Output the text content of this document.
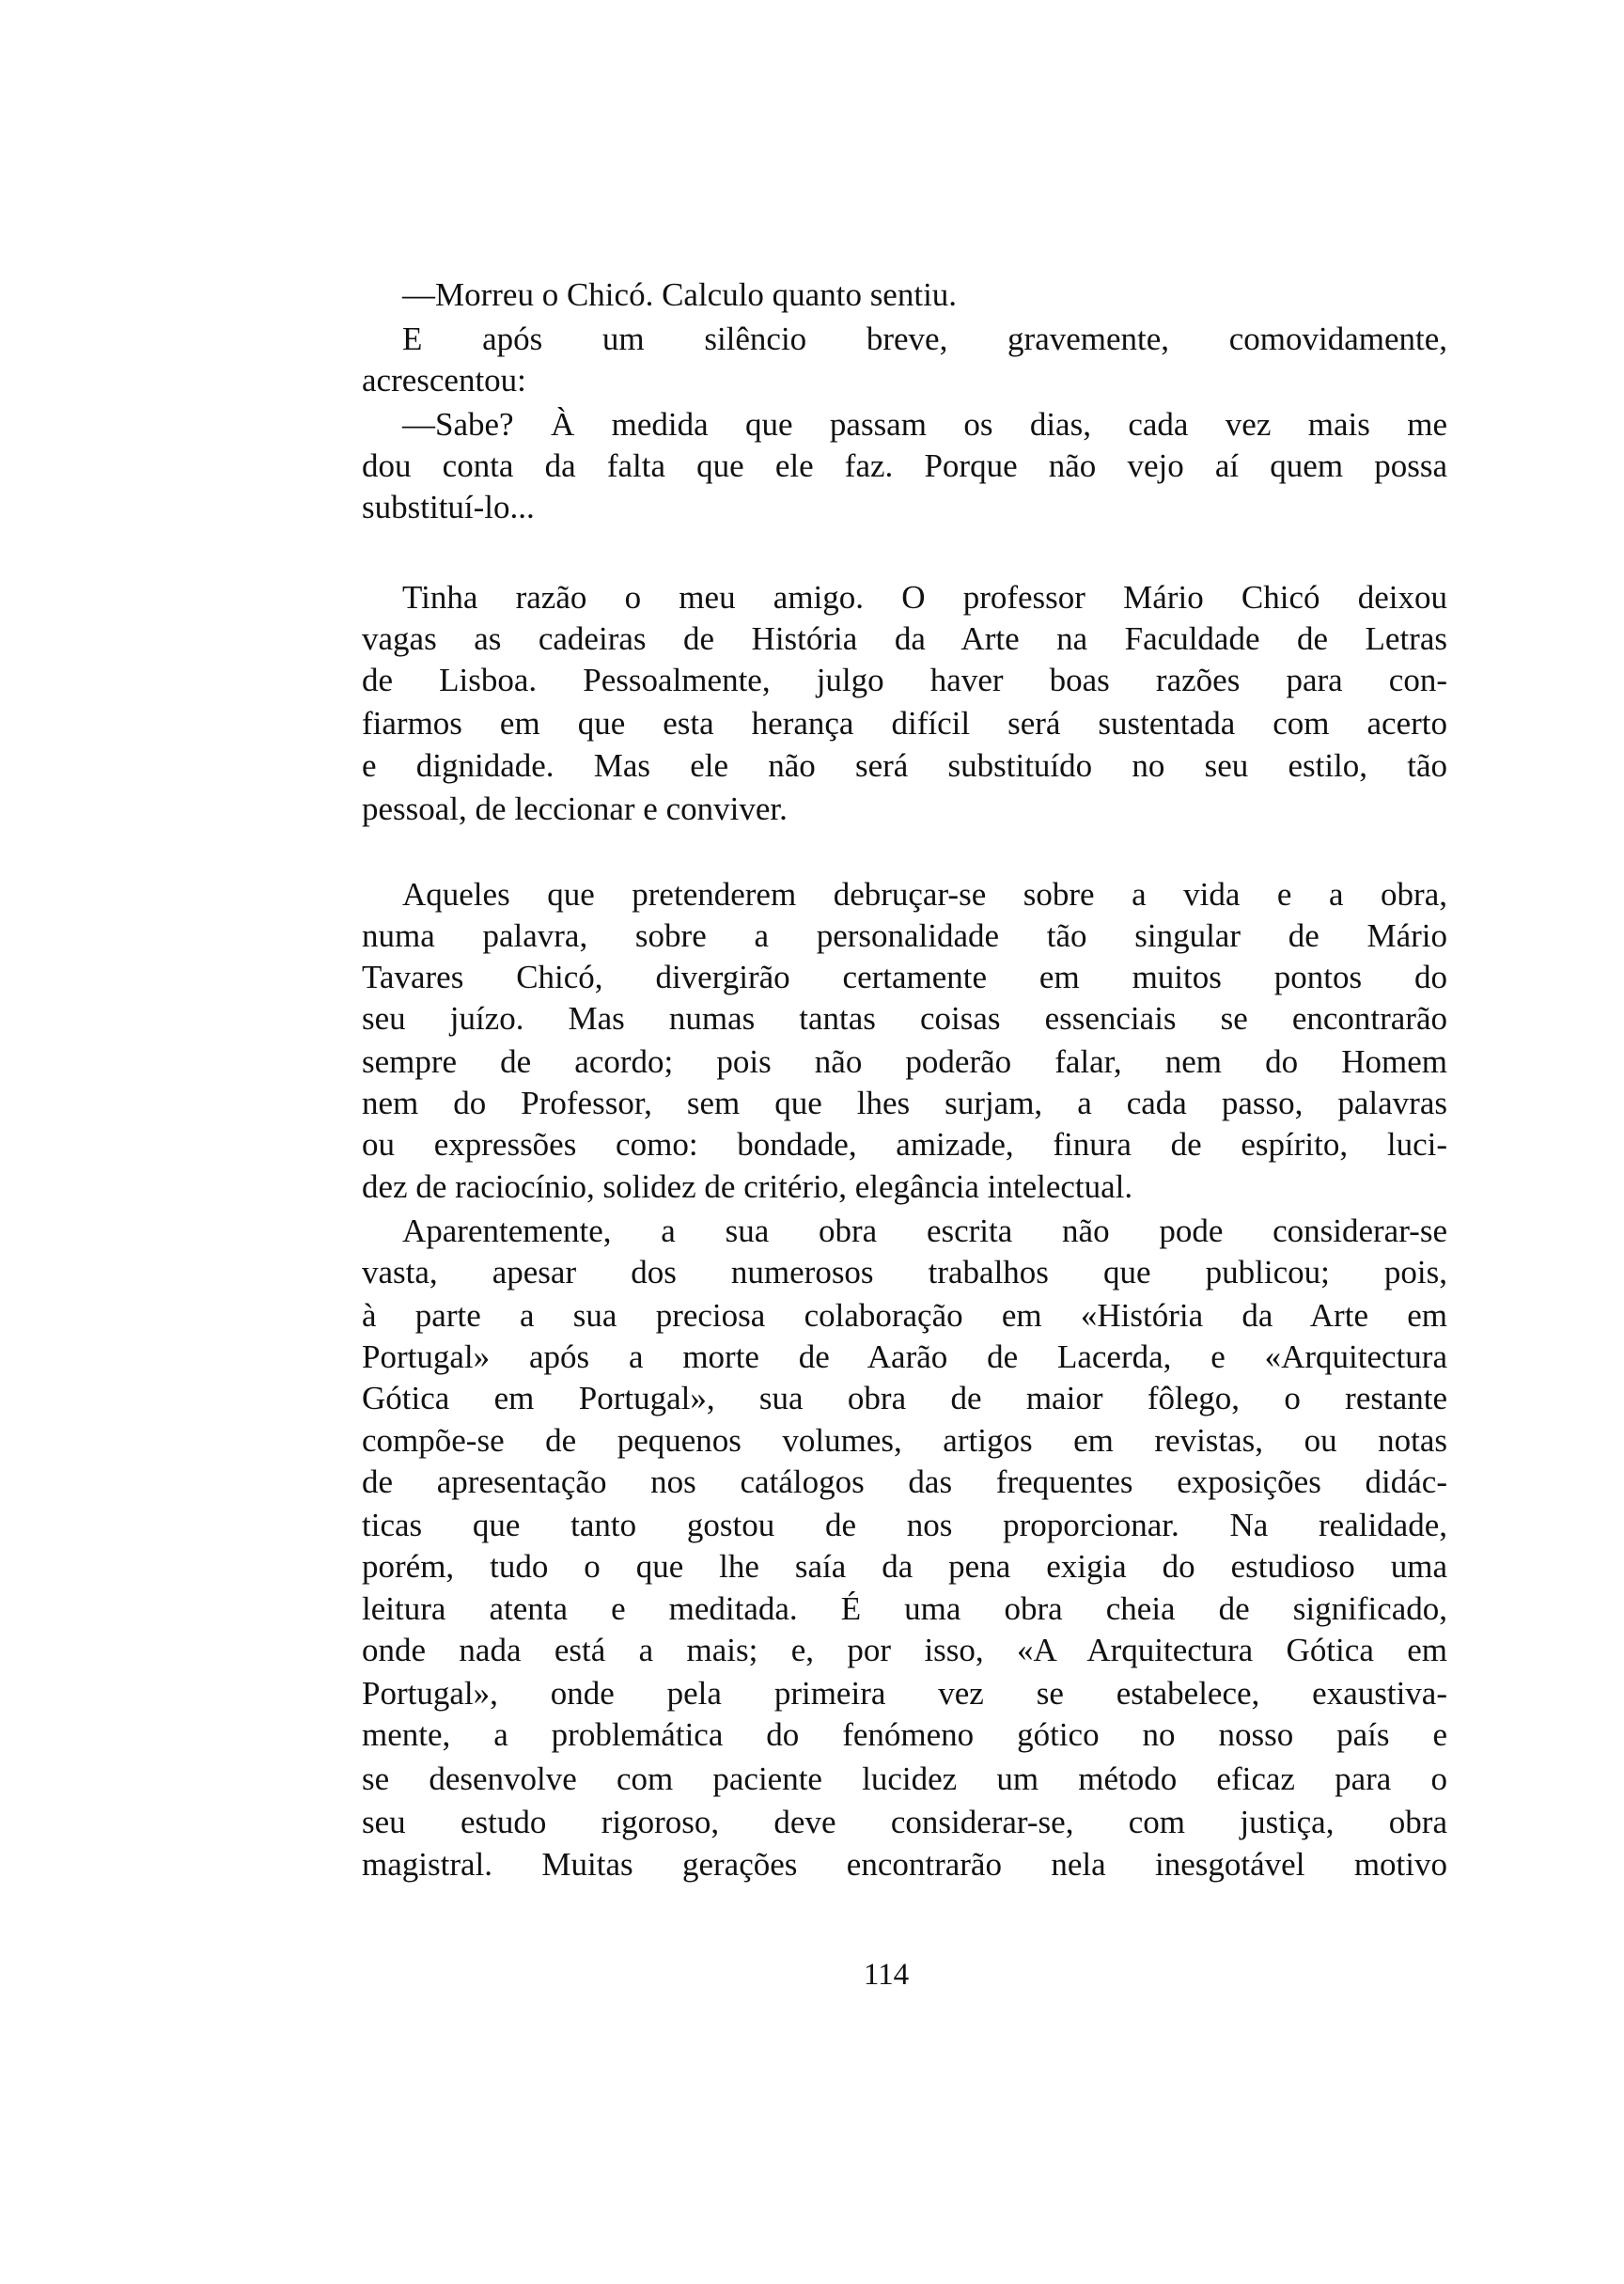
—Morreu o Chicó. Calculo quanto sentiu.
E após um silêncio breve, gravemente, comovidamente,
acrescentou:
—Sabe? À medida que passam os dias, cada vez mais me
dou conta da falta que ele faz. Porque não vejo aí quem possa
substituí-lo...
Tinha razão o meu amigo. O professor Mário Chicó deixou
vagas as cadeiras de História da Arte na Faculdade de Letras
de Lisboa. Pessoalmente, julgo haver boas razões para con-
fiarmos em que esta herança difícil será sustentada com acerto
e dignidade. Mas ele não será substituído no seu estilo, tão
pessoal, de leccionar e conviver.
Aqueles que pretenderem debruçar-se sobre a vida e a obra,
numa palavra, sobre a personalidade tão singular de Mário
Tavares Chicó, divergirão certamente em muitos pontos do
seu juízo. Mas numas tantas coisas essenciais se encontrarão
sempre de acordo; pois não poderão falar, nem do Homem
nem do Professor, sem que lhes surjam, a cada passo, palavras
ou expressões como: bondade, amizade, finura de espírito, luci-
dez de raciocínio, solidez de critério, elegância intelectual.
Aparentemente, a sua obra escrita não pode considerar-se
vasta, apesar dos numerosos trabalhos que publicou; pois,
à parte a sua preciosa colaboração em «História da Arte em
Portugal» após a morte de Aarão de Lacerda, e «Arquitectura
Gótica em Portugal», sua obra de maior fôlego, o restante
compõe-se de pequenos volumes, artigos em revistas, ou notas
de apresentação nos catálogos das frequentes exposições didác-
ticas que tanto gostou de nos proporcionar. Na realidade,
porém, tudo o que lhe saía da pena exigia do estudioso uma
leitura atenta e meditada. É uma obra cheia de significado,
onde nada está a mais; e, por isso, «A Arquitectura Gótica em
Portugal», onde pela primeira vez se estabelece, exaustiva-
mente, a problemática do fenómeno gótico no nosso país e
se desenvolve com paciente lucidez um método eficaz para o
seu estudo rigoroso, deve considerar-se, com justiça, obra
magistral. Muitas gerações encontrarão nela inesgotável motivo
114
